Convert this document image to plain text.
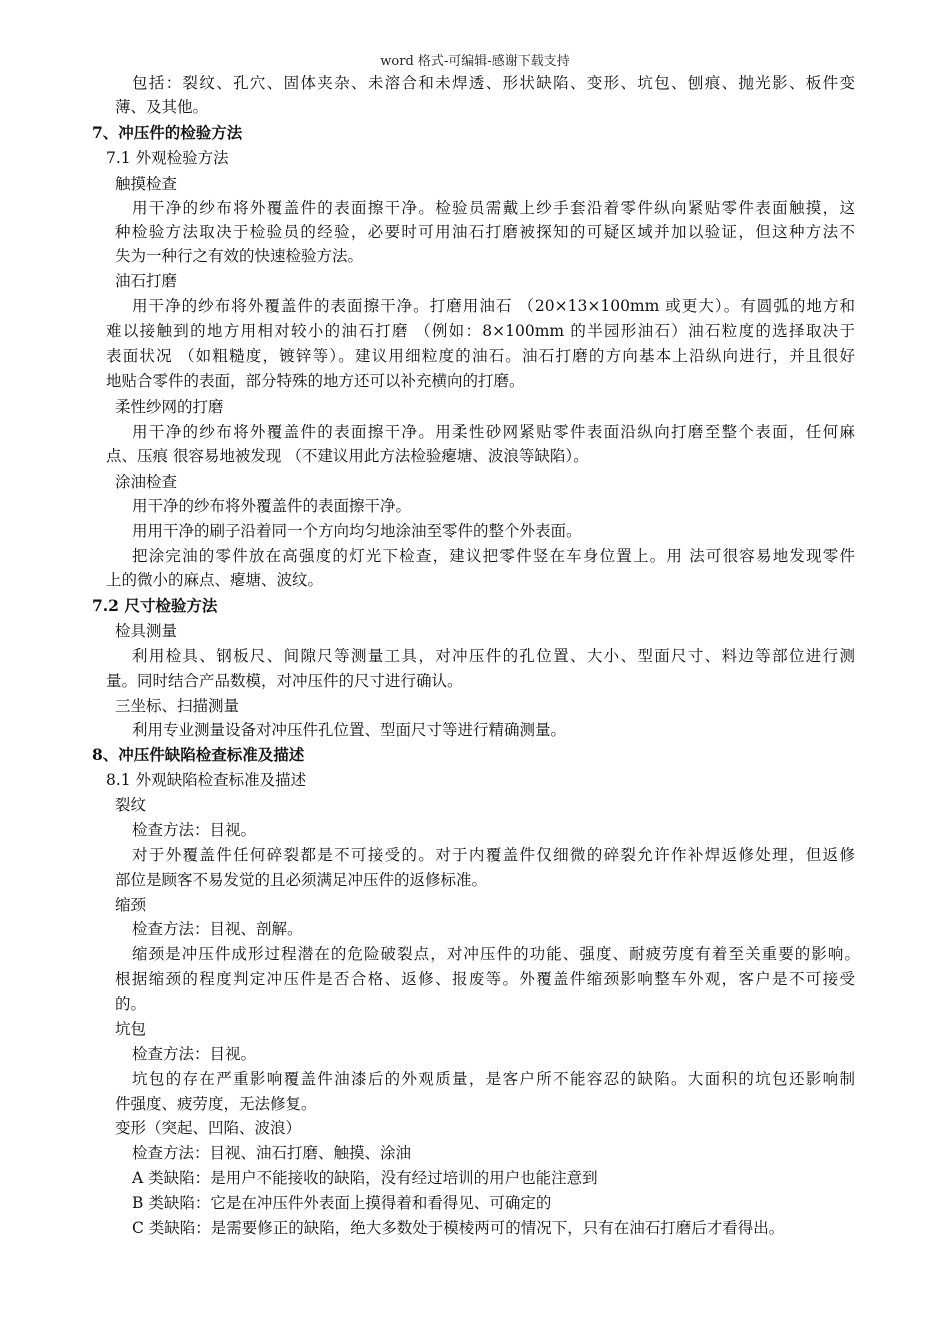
word 格式-可编辑-感谢下载支持
包括：裂纹、孔穴、固体夹杂、未溶合和未焊透、形状缺陷、变形、坑包、刨痕、抛光影、板件变
薄、及其他。
7、冲压件的检验方法
7.1 外观检验方法
触摸检查
用干净的纱布将外覆盖件的表面擦干净。检验员需戴上纱手套沿着零件纵向紧贴零件表面触摸，这
种检验方法取决于检验员的经验，必要时可用油石打磨被探知的可疑区域并加以验证，但这种方法不
失为一种行之有效的快速检验方法。
油石打磨
用干净的纱布将外覆盖件的表面擦干净。打磨用油石 （20×13×100mm 或更大）。有圆弧的地方和
难以接触到的地方用相对较小的油石打磨 （例如：8×100mm 的半园形油石）油石粒度的选择取决于
表面状况 （如粗糙度，镀锌等）。建议用细粒度的油石。油石打磨的方向基本上沿纵向进行，并且很好
地贴合零件的表面，部分特殊的地方还可以补充横向的打磨。
柔性纱网的打磨
用干净的纱布将外覆盖件的表面擦干净。用柔性砂网紧贴零件表面沿纵向打磨至整个表面，任何麻
点、压痕 很容易地被发现 （不建议用此方法检验瘪塘、波浪等缺陷）。
涂油检查
用干净的纱布将外覆盖件的表面擦干净。
用用干净的刷子沿着同一个方向均匀地涂油至零件的整个外表面。
把涂完油的零件放在高强度的灯光下检查，建议把零件竖在车身位置上。用 法可很容易地发现零件
上的微小的麻点、瘪塘、波纹。
7.2 尺寸检验方法
检具测量
利用检具、钢板尺、间隙尺等测量工具，对冲压件的孔位置、大小、型面尺寸、料边等部位进行测
量。同时结合产品数模，对冲压件的尺寸进行确认。
三坐标、扫描测量
利用专业测量设备对冲压件孔位置、型面尺寸等进行精确测量。
8、冲压件缺陷检查标准及描述
8.1 外观缺陷检查标准及描述
裂纹
检查方法：目视。
对于外覆盖件任何碎裂都是不可接受的。对于内覆盖件仅细微的碎裂允许作补焊返修处理，但返修
部位是顾客不易发觉的且必须满足冲压件的返修标准。
缩颈
检查方法：目视、剖解。
缩颈是冲压件成形过程潜在的危险破裂点，对冲压件的功能、强度、耐疲劳度有着至关重要的影响。
根据缩颈的程度判定冲压件是否合格、返修、报废等。外覆盖件缩颈影响整车外观，客户是不可接受
的。
坑包
检查方法：目视。
坑包的存在严重影响覆盖件油漆后的外观质量，是客户所不能容忍的缺陷。大面积的坑包还影响制
件强度、疲劳度，无法修复。
变形（突起、凹陷、波浪）
检查方法：目视、油石打磨、触摸、涂油
A 类缺陷：是用户不能接收的缺陷，没有经过培训的用户也能注意到
B 类缺陷：它是在冲压件外表面上摸得着和看得见、可确定的
C 类缺陷：是需要修正的缺陷，绝大多数处于模棱两可的情况下，只有在油石打磨后才看得出。
